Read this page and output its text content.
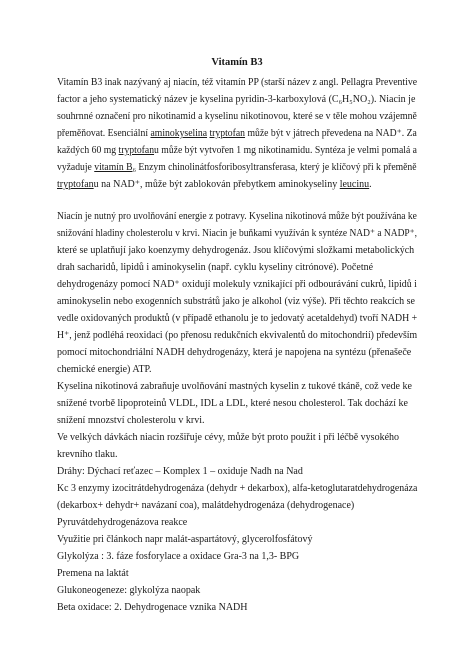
Vitamín B3
Vitamín B3 inak nazývaný aj niacín, též vitamín PP (starší název z angl. Pellagra Preventive
factor a jeho systematický název je kyselina pyridin-3-karboxylová (C₆H₅NO₂). Niacin je
souhrnné označení pro nikotinamid a kyselinu nikotinovou, které se v těle mohou vzájemně
přeměňovat. Esenciální aminokyselina tryptofan může být v játrech převedena na NAD⁺. Za
každých 60 mg tryptofanu může být vytvořen 1 mg nikotinamidu. Syntéza je velmi pomalá a
vyžaduje vitamín B₆ Enzym chinolinátfosforibosyltransferasa, který je klíčový při k přeměně
tryptofanu na NAD⁺, může být zablokován přebytkem aminokyseliny leucinu.
Niacín je nutný pro uvolňování energie z potravy. Kyselina nikotinová může být používána ke
snižování hladiny cholesterolu v krvi. Niacin je buňkami využíván k syntéze NAD⁺ a NADP⁺,
které se uplatňují jako koenzymy dehydrogenáz. Jsou klíčovými složkami metabolických
drah sacharidů, lipidů i aminokyselin (např. cyklu kyseliny citrónové). Početné
dehydrogenázy pomocí NAD⁺ oxidují molekuly vznikající při odbourávání cukrů, lipidů i
aminokyselin nebo exogenních substrátů jako je alkohol (viz výše). Při těchto reakcích se
vedle oxidovaných produktů (v případě ethanolu je to jedovatý acetaldehyd) tvoří NADH +
H⁺, jenž podléhá reoxidaci (po přenosu redukčních ekvivalentů do mitochondrií) především
pomocí mitochondriální NADH dehydrogenázy, která je napojena na syntézu (přenašeče
chemické energie) ATP.
Kyselina nikotinová zabraňuje uvolňování mastných kyselin z tukové tkáně, což vede ke
snížené tvorbě lipoproteinů VLDL, IDL a LDL, které nesou cholesterol. Tak dochází ke
snížení mnozství cholesterolu v krvi.
Ve velkých dávkách niacin rozšiřuje cévy, může být proto použit i při léčbě vysokého
krevního tlaku.
Dráhy: Dýchací reťazec – Komplex 1 – oxiduje Nadh na Nad
Kc 3 enzymy izocitrátdehydrogenáza (dehydr + dekarbox), alfa-ketoglutaratdehydrogenáza
(dekarbox+ dehydr+ navázaní coa), malátdehydrogenáza (dehydrogenace)
Pyruvátdehydrogenázova reakce
Využitie pri článkoch napr malát-aspartátový, glycerolfosfátový
Glykolýza : 3. fáze fosforylace a oxidace Gra-3 na 1,3- BPG
Premena na laktát
Glukoneogeneze: glykolýza naopak
Beta oxidace: 2. Dehydrogenace vznika NADH
